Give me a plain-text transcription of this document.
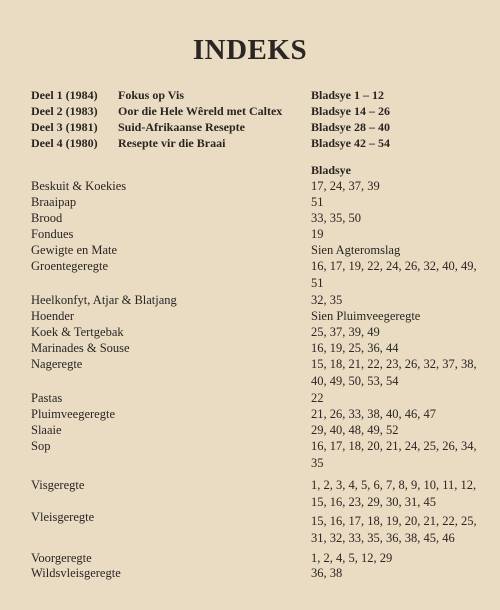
INDEKS
Deel 1 (1984) Fokus op Vis	Bladsye 1 – 12
Deel 2 (1983) Oor die Hele Wêreld met Caltex Bladsye 14 – 26
Deel 3 (1981) Suid-Afrikaanse Resepte	Bladsye 28 – 40
Deel 4 (1980) Resepte vir die Braai	Bladsye 42 – 54
Bladsye
Beskuit & Koekies	17, 24, 37, 39
Braaipap	51
Brood	33, 35, 50
Fondues	19
Gewigte en Mate	Sien Agteromslag
Groentegeregte	16, 17, 19, 22, 24, 26, 32, 40, 49, 51
Heelkonfyt, Atjar & Blatjang	32, 35
Hoender	Sien Pluimveegeregte
Koek & Tertgebak	25, 37, 39, 49
Marinades & Souse	16, 19, 25, 36, 44
Nageregte	15, 18, 21, 22, 23, 26, 32, 37, 38, 40, 49, 50, 53, 54
Pastas	22
Pluimveegeregte	21, 26, 33, 38, 40, 46, 47
Slaaie	29, 40, 48, 49, 52
Sop	16, 17, 18, 20, 21, 24, 25, 26, 34, 35
Visgeregte	1, 2, 3, 4, 5, 6, 7, 8, 9, 10, 11, 12, 15, 16, 23, 29, 30, 31, 45
Vleisgeregte	15, 16, 17, 18, 19, 20, 21, 22, 25, 31, 32, 33, 35, 36, 38, 45, 46
Voorgeregte	1, 2, 4, 5, 12, 29
Wildsvleisgeregte	36, 38
